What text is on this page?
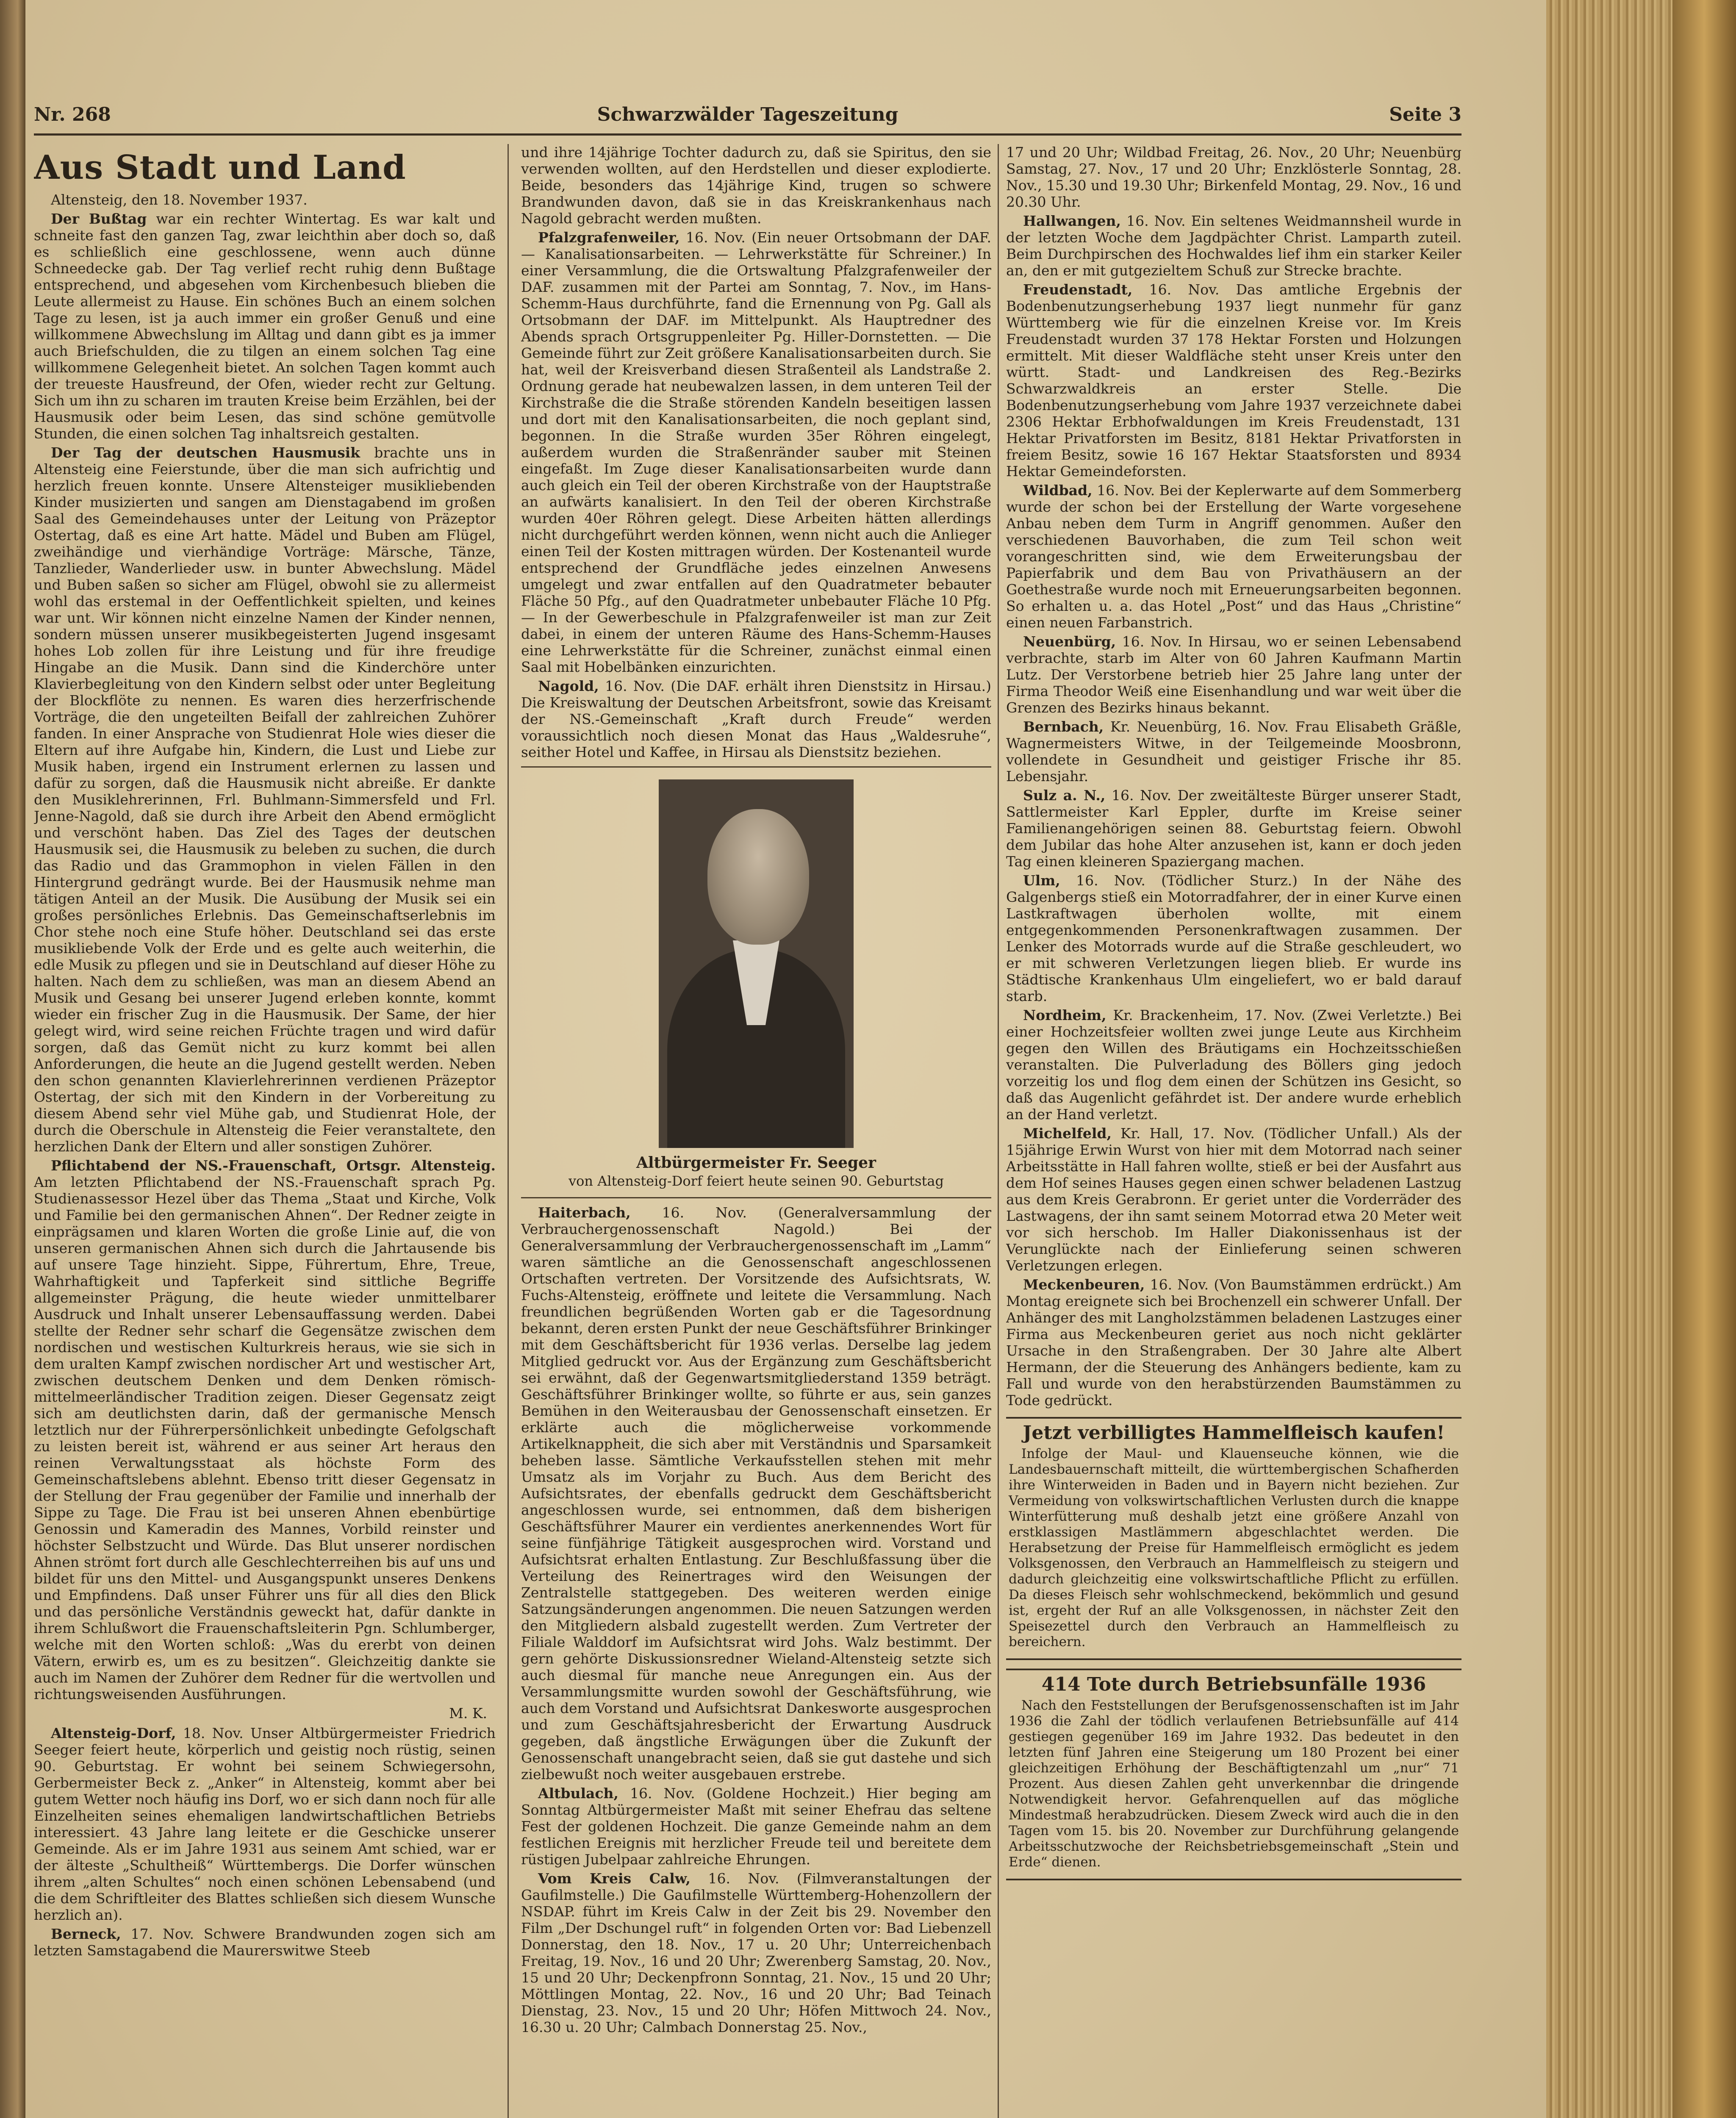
Nr. 268	Schwarzwälder Tageszeitung	Seite 3
Aus Stadt und Land

Altensteig, den 18. November 1937.

Der Bußtag war ein rechter Wintertag. Es war kalt und schneite fast den ganzen Tag, zwar leichthin aber doch so, daß es schließlich eine geschlossene, wenn auch dünne Schneedecke gab. Der Tag verlief recht ruhig denn Bußtage entsprechend, und abgesehen vom Kirchenbesuch blieben die Leute allermeist zu Hause. Ein schönes Buch an einem solchen Tage zu lesen, ist ja auch immer ein großer Genuß und eine willkommene Abwechslung im Alltag und dann gibt es ja immer auch Briefschulden, die zu tilgen an einem solchen Tag eine willkommene Gelegenheit bietet. An solchen Tagen kommt auch der treueste Hausfreund, der Ofen, wieder recht zur Geltung. Sich um ihn zu scharen im trauten Kreise beim Erzählen, bei der Hausmusik oder beim Lesen, das sind schöne gemütvolle Stunden, die einen solchen Tag inhaltsreich gestalten.

Der Tag der deutschen Hausmusik brachte uns in Altensteig eine Feierstunde, über die man sich aufrichtig und herzlich freuen konnte. Unsere Altensteiger musikliebenden Kinder musizierten und sangen am Dienstagabend im großen Saal des Gemeindehauses unter der Leitung von Präzeptor Ostertag, daß es eine Art hatte. Mädel und Buben am Flügel, zweihändige und vierhändige Vorträge: Märsche, Tänze, Tanzlieder, Wanderlieder usw. in bunter Abwechslung. Mädel und Buben saßen so sicher am Flügel, obwohl sie zu allermeist wohl das erstemal in der Oeffentlichkeit spielten, und keines war unt. Wir können nicht einzelne Namen der Kinder nennen, sondern müssen unserer musikbegeisterten Jugend insgesamt hohes Lob zollen für ihre Leistung und für ihre freudige Hingabe an die Musik. Dann sind die Kinderchöre unter Klavierbegleitung von den Kindern selbst oder unter Begleitung der Blockflöte zu nennen. Es waren dies herzerfrischende Vorträge, die den ungeteilten Beifall der zahlreichen Zuhörer fanden. In einer Ansprache von Studienrat Hole wies dieser die Eltern auf ihre Aufgabe hin, Kindern, die Lust und Liebe zur Musik haben, irgend ein Instrument erlernen zu lassen und dafür zu sorgen, daß die Hausmusik nicht abreiße. Er dankte den Musiklehrerinnen, Frl. Buhlmann-Simmersfeld und Frl. Jenne-Nagold, daß sie durch ihre Arbeit den Abend ermöglicht und verschönt haben. Das Ziel des Tages der deutschen Hausmusik sei, die Hausmusik zu beleben zu suchen, die durch das Radio und das Grammophon in vielen Fällen in den Hintergrund gedrängt wurde. Bei der Hausmusik nehme man tätigen Anteil an der Musik. Die Ausübung der Musik sei ein großes persönliches Erlebnis. Das Gemeinschaftserlebnis im Chor stehe noch eine Stufe höher. Deutschland sei das erste musikliebende Volk der Erde und es gelte auch weiterhin, die edle Musik zu pflegen und sie in Deutschland auf dieser Höhe zu halten. Nach dem zu schließen, was man an diesem Abend an Musik und Gesang bei unserer Jugend erleben konnte, kommt wieder ein frischer Zug in die Hausmusik. Der Same, der hier gelegt wird, wird seine reichen Früchte tragen und wird dafür sorgen, daß das Gemüt nicht zu kurz kommt bei allen Anforderungen, die heute an die Jugend gestellt werden. Neben den schon genannten Klavierlehrerinnen verdienen Präzeptor Ostertag, der sich mit den Kindern in der Vorbereitung zu diesem Abend sehr viel Mühe gab, und Studienrat Hole, der durch die Oberschule in Altensteig die Feier veranstaltete, den herzlichen Dank der Eltern und aller sonstigen Zuhörer.

Pflichtabend der NS.-Frauenschaft, Ortsgr. Altensteig. Am letzten Pflichtabend der NS.-Frauenschaft sprach Pg. Studienassessor Hezel über das Thema „Staat und Kirche, Volk und Familie bei den germanischen Ahnen“. Der Redner zeigte in einprägsamen und klaren Worten die große Linie auf, die von unseren germanischen Ahnen sich durch die Jahrtausende bis auf unsere Tage hinzieht. Sippe, Führertum, Ehre, Treue, Wahrhaftigkeit und Tapferkeit sind sittliche Begriffe allgemeinster Prägung, die heute wieder unmittelbarer Ausdruck und Inhalt unserer Lebensauffassung werden. Dabei stellte der Redner sehr scharf die Gegensätze zwischen dem nordischen und westischen Kulturkreis heraus, wie sie sich in dem uralten Kampf zwischen nordischer Art und westischer Art, zwischen deutschem Denken und dem Denken römisch-mittelmeerländischer Tradition zeigen. Dieser Gegensatz zeigt sich am deutlichsten darin, daß der germanische Mensch letztlich nur der Führerpersönlichkeit unbedingte Gefolgschaft zu leisten bereit ist, während er aus seiner Art heraus den reinen Verwaltungsstaat als höchste Form des Gemeinschaftslebens ablehnt. Ebenso tritt dieser Gegensatz in der Stellung der Frau gegenüber der Familie und innerhalb der Sippe zu Tage. Die Frau ist bei unseren Ahnen ebenbürtige Genossin und Kameradin des Mannes, Vorbild reinster und höchster Selbstzucht und Würde. Das Blut unserer nordischen Ahnen strömt fort durch alle Geschlechterreihen bis auf uns und bildet für uns den Mittel- und Ausgangspunkt unseres Denkens und Empfindens. Daß unser Führer uns für all dies den Blick und das persönliche Verständnis geweckt hat, dafür dankte in ihrem Schlußwort die Frauenschaftsleiterin Pgn. Schlumberger, welche mit den Worten schloß: „Was du ererbt von deinen Vätern, erwirb es, um es zu besitzen“. Gleichzeitig dankte sie auch im Namen der Zuhörer dem Redner für die wertvollen und richtungsweisenden Ausführungen.

M. K.

Altensteig-Dorf, 18. Nov. Unser Altbürgermeister Friedrich Seeger feiert heute, körperlich und geistig noch rüstig, seinen 90. Geburtstag. Er wohnt bei seinem Schwiegersohn, Gerbermeister Beck z. „Anker“ in Altensteig, kommt aber bei gutem Wetter noch häufig ins Dorf, wo er sich dann noch für alle Einzelheiten seines ehemaligen landwirtschaftlichen Betriebs interessiert. 43 Jahre lang leitete er die Geschicke unserer Gemeinde. Als er im Jahre 1931 aus seinem Amt schied, war er der älteste „Schultheiß“ Württembergs. Die Dorfer wünschen ihrem „alten Schultes“ noch einen schönen Lebensabend (und die dem Schriftleiter des Blattes schließen sich diesem Wunsche herzlich an).

Berneck, 17. Nov. Schwere Brandwunden zogen sich am letzten Samstagabend die Maurerswitwe Steeb

und ihre 14jährige Tochter dadurch zu, daß sie Spiritus, den sie verwenden wollten, auf den Herdstellen und dieser explodierte. Beide, besonders das 14jährige Kind, trugen so schwere Brandwunden davon, daß sie in das Kreiskrankenhaus nach Nagold gebracht werden mußten.

Pfalzgrafenweiler, 16. Nov. (Ein neuer Ortsobmann der DAF. — Kanalisationsarbeiten. — Lehrwerkstätte für Schreiner.) In einer Versammlung, die die Ortswaltung Pfalzgrafenweiler der DAF. zusammen mit der Partei am Sonntag, 7. Nov., im Hans-Schemm-Haus durchführte, fand die Ernennung von Pg. Gall als Ortsobmann der DAF. im Mittelpunkt. Als Hauptredner des Abends sprach Ortsgruppenleiter Pg. Hiller-Dornstetten. — Die Gemeinde führt zur Zeit größere Kanalisationsarbeiten durch. Sie hat, weil der Kreisverband diesen Straßenteil als Landstraße 2. Ordnung gerade hat neubewalzen lassen, in dem unteren Teil der Kirchstraße die die Straße störenden Kandeln beseitigen lassen und dort mit den Kanalisationsarbeiten, die noch geplant sind, begonnen. In die Straße wurden 35er Röhren eingelegt, außerdem wurden die Straßenränder sauber mit Steinen eingefaßt. Im Zuge dieser Kanalisationsarbeiten wurde dann auch gleich ein Teil der oberen Kirchstraße von der Hauptstraße an aufwärts kanalisiert. In den Teil der oberen Kirchstraße wurden 40er Röhren gelegt. Diese Arbeiten hätten allerdings nicht durchgeführt werden können, wenn nicht auch die Anlieger einen Teil der Kosten mittragen würden. Der Kostenanteil wurde entsprechend der Grundfläche jedes einzelnen Anwesens umgelegt und zwar entfallen auf den Quadratmeter bebauter Fläche 50 Pfg., auf den Quadratmeter unbebauter Fläche 10 Pfg. — In der Gewerbeschule in Pfalzgrafenweiler ist man zur Zeit dabei, in einem der unteren Räume des Hans-Schemm-Hauses eine Lehrwerkstätte für die Schreiner, zunächst einmal einen Saal mit Hobelbänken einzurichten.

Nagold, 16. Nov. (Die DAF. erhält ihren Dienstsitz in Hirsau.) Die Kreiswaltung der Deutschen Arbeitsfront, sowie das Kreisamt der NS.-Gemeinschaft „Kraft durch Freude“ werden voraussichtlich noch diesen Monat das Haus „Waldesruhe“, seither Hotel und Kaffee, in Hirsau als Dienstsitz beziehen.

Altbürgermeister Fr. Seeger
von Altensteig-Dorf feiert heute seinen 90. Geburtstag

Haiterbach, 16. Nov. (Generalversammlung der Verbrauchergenossenschaft Nagold.) Bei der Generalversammlung der Verbrauchergenossenschaft im „Lamm“ waren sämtliche an die Genossenschaft angeschlossenen Ortschaften vertreten. Der Vorsitzende des Aufsichtsrats, W. Fuchs-Altensteig, eröffnete und leitete die Versammlung. Nach freundlichen begrüßenden Worten gab er die Tagesordnung bekannt, deren ersten Punkt der neue Geschäftsführer Brinkinger mit dem Geschäftsbericht für 1936 verlas. Derselbe lag jedem Mitglied gedruckt vor. Aus der Ergänzung zum Geschäftsbericht sei erwähnt, daß der Gegenwartsmitgliederstand 1359 beträgt. Geschäftsführer Brinkinger wollte, so führte er aus, sein ganzes Bemühen in den Weiterausbau der Genossenschaft einsetzen. Er erklärte auch die möglicherweise vorkommende Artikelknappheit, die sich aber mit Verständnis und Sparsamkeit beheben lasse. Sämtliche Verkaufsstellen stehen mit mehr Umsatz als im Vorjahr zu Buch. Aus dem Bericht des Aufsichtsrates, der ebenfalls gedruckt dem Geschäftsbericht angeschlossen wurde, sei entnommen, daß dem bisherigen Geschäftsführer Maurer ein verdientes anerkennendes Wort für seine fünfjährige Tätigkeit ausgesprochen wird. Vorstand und Aufsichtsrat erhalten Entlastung. Zur Beschlußfassung über die Verteilung des Reinertrages wird den Weisungen der Zentralstelle stattgegeben. Des weiteren werden einige Satzungsänderungen angenommen. Die neuen Satzungen werden den Mitgliedern alsbald zugestellt werden. Zum Vertreter der Filiale Walddorf im Aufsichtsrat wird Johs. Walz bestimmt. Der gern gehörte Diskussionsredner Wieland-Altensteig setzte sich auch diesmal für manche neue Anregungen ein. Aus der Versammlungsmitte wurden sowohl der Geschäftsführung, wie auch dem Vorstand und Aufsichtsrat Dankesworte ausgesprochen und zum Geschäftsjahresbericht der Erwartung Ausdruck gegeben, daß ängstliche Erwägungen über die Zukunft der Genossenschaft unangebracht seien, daß sie gut dastehe und sich zielbewußt noch weiter ausgebauen erstrebe.

Altbulach, 16. Nov. (Goldene Hochzeit.) Hier beging am Sonntag Altbürgermeister Maßt mit seiner Ehefrau das seltene Fest der goldenen Hochzeit. Die ganze Gemeinde nahm an dem festlichen Ereignis mit herzlicher Freude teil und bereitete dem rüstigen Jubelpaar zahlreiche Ehrungen.

Vom Kreis Calw, 16. Nov. (Filmveranstaltungen der Gaufilmstelle.) Die Gaufilmstelle Württemberg-Hohenzollern der NSDAP. führt im Kreis Calw in der Zeit bis 29. November den Film „Der Dschungel ruft“ in folgenden Orten vor: Bad Liebenzell Donnerstag, den 18. Nov., 17 u. 20 Uhr; Unterreichenbach Freitag, 19. Nov., 16 und 20 Uhr; Zwerenberg Samstag, 20. Nov., 15 und 20 Uhr; Deckenpfronn Sonntag, 21. Nov., 15 und 20 Uhr; Möttlingen Montag, 22. Nov., 16 und 20 Uhr; Bad Teinach Dienstag, 23. Nov., 15 und 20 Uhr; Höfen Mittwoch 24. Nov., 16.30 u. 20 Uhr; Calmbach Donnerstag 25. Nov.,

17 und 20 Uhr; Wildbad Freitag, 26. Nov., 20 Uhr; Neuenbürg Samstag, 27. Nov., 17 und 20 Uhr; Enzklösterle Sonntag, 28. Nov., 15.30 und 19.30 Uhr; Birkenfeld Montag, 29. Nov., 16 und 20.30 Uhr.

Hallwangen, 16. Nov. Ein seltenes Weidmannsheil wurde in der letzten Woche dem Jagdpächter Christ. Lamparth zuteil. Beim Durchpirschen des Hochwaldes lief ihm ein starker Keiler an, den er mit gutgezieltem Schuß zur Strecke brachte.

Freudenstadt, 16. Nov. Das amtliche Ergebnis der Bodenbenutzungserhebung 1937 liegt nunmehr für ganz Württemberg wie für die einzelnen Kreise vor. Im Kreis Freudenstadt wurden 37 178 Hektar Forsten und Holzungen ermittelt. Mit dieser Waldfläche steht unser Kreis unter den württ. Stadt- und Landkreisen des Reg.-Bezirks Schwarzwaldkreis an erster Stelle. Die Bodenbenutzungserhebung vom Jahre 1937 verzeichnete dabei 2306 Hektar Erbhofwaldungen im Kreis Freudenstadt, 131 Hektar Privatforsten im Besitz, 8181 Hektar Privatforsten in freiem Besitz, sowie 16 167 Hektar Staatsforsten und 8934 Hektar Gemeindeforsten.

Wildbad, 16. Nov. Bei der Keplerwarte auf dem Sommerberg wurde der schon bei der Erstellung der Warte vorgesehene Anbau neben dem Turm in Angriff genommen. Außer den verschiedenen Bauvorhaben, die zum Teil schon weit vorangeschritten sind, wie dem Erweiterungsbau der Papierfabrik und dem Bau von Privathäusern an der Goethestraße wurde noch mit Erneuerungsarbeiten begonnen. So erhalten u. a. das Hotel „Post“ und das Haus „Christine“ einen neuen Farbanstrich.

Neuenbürg, 16. Nov. In Hirsau, wo er seinen Lebensabend verbrachte, starb im Alter von 60 Jahren Kaufmann Martin Lutz. Der Verstorbene betrieb hier 25 Jahre lang unter der Firma Theodor Weiß eine Eisenhandlung und war weit über die Grenzen des Bezirks hinaus bekannt.

Bernbach, Kr. Neuenbürg, 16. Nov. Frau Elisabeth Gräßle, Wagnermeisters Witwe, in der Teilgemeinde Moosbronn, vollendete in Gesundheit und geistiger Frische ihr 85. Lebensjahr.

Sulz a. N., 16. Nov. Der zweitälteste Bürger unserer Stadt, Sattlermeister Karl Eppler, durfte im Kreise seiner Familienangehörigen seinen 88. Geburtstag feiern. Obwohl dem Jubilar das hohe Alter anzusehen ist, kann er doch jeden Tag einen kleineren Spaziergang machen.

Ulm, 16. Nov. (Tödlicher Sturz.) In der Nähe des Galgenbergs stieß ein Motorradfahrer, der in einer Kurve einen Lastkraftwagen überholen wollte, mit einem entgegenkommenden Personenkraftwagen zusammen. Der Lenker des Motorrads wurde auf die Straße geschleudert, wo er mit schweren Verletzungen liegen blieb. Er wurde ins Städtische Krankenhaus Ulm eingeliefert, wo er bald darauf starb.

Nordheim, Kr. Brackenheim, 17. Nov. (Zwei Verletzte.) Bei einer Hochzeitsfeier wollten zwei junge Leute aus Kirchheim gegen den Willen des Bräutigams ein Hochzeitsschießen veranstalten. Die Pulverladung des Böllers ging jedoch vorzeitig los und flog dem einen der Schützen ins Gesicht, so daß das Augenlicht gefährdet ist. Der andere wurde erheblich an der Hand verletzt.

Michelfeld, Kr. Hall, 17. Nov. (Tödlicher Unfall.) Als der 15jährige Erwin Wurst von hier mit dem Motorrad nach seiner Arbeitsstätte in Hall fahren wollte, stieß er bei der Ausfahrt aus dem Hof seines Hauses gegen einen schwer beladenen Lastzug aus dem Kreis Gerabronn. Er geriet unter die Vorderräder des Lastwagens, der ihn samt seinem Motorrad etwa 20 Meter weit vor sich herschob. Im Haller Diakonissenhaus ist der Verunglückte nach der Einlieferung seinen schweren Verletzungen erlegen.

Meckenbeuren, 16. Nov. (Von Baumstämmen erdrückt.) Am Montag ereignete sich bei Brochenzell ein schwerer Unfall. Der Anhänger des mit Langholzstämmen beladenen Lastzuges einer Firma aus Meckenbeuren geriet aus noch nicht geklärter Ursache in den Straßengraben. Der 30 Jahre alte Albert Hermann, der die Steuerung des Anhängers bediente, kam zu Fall und wurde von den herabstürzenden Baumstämmen zu Tode gedrückt.

Jetzt verbilligtes Hammelfleisch kaufen!

Infolge der Maul- und Klauenseuche können, wie die Landesbauernschaft mitteilt, die württembergischen Schafherden ihre Winterweiden in Baden und in Bayern nicht beziehen. Zur Vermeidung von volkswirtschaftlichen Verlusten durch die knappe Winterfütterung muß deshalb jetzt eine größere Anzahl von erstklassigen Mastlämmern abgeschlachtet werden. Die Herabsetzung der Preise für Hammelfleisch ermöglicht es jedem Volksgenossen, den Verbrauch an Hammelfleisch zu steigern und dadurch gleichzeitig eine volkswirtschaftliche Pflicht zu erfüllen. Da dieses Fleisch sehr wohlschmeckend, bekömmlich und gesund ist, ergeht der Ruf an alle Volksgenossen, in nächster Zeit den Speisezettel durch den Verbrauch an Hammelfleisch zu bereichern.

414 Tote durch Betriebsunfälle 1936

Nach den Feststellungen der Berufsgenossenschaften ist im Jahr 1936 die Zahl der tödlich verlaufenen Betriebsunfälle auf 414 gestiegen gegenüber 169 im Jahre 1932. Das bedeutet in den letzten fünf Jahren eine Steigerung um 180 Prozent bei einer gleichzeitigen Erhöhung der Beschäftigtenzahl um „nur“ 71 Prozent. Aus diesen Zahlen geht unverkennbar die dringende Notwendigkeit hervor. Gefahrenquellen auf das mögliche Mindestmaß herabzudrücken. Diesem Zweck wird auch die in den Tagen vom 15. bis 20. November zur Durchführung gelangende Arbeitsschutzwoche der Reichsbetriebsgemeinschaft „Stein und Erde“ dienen.
